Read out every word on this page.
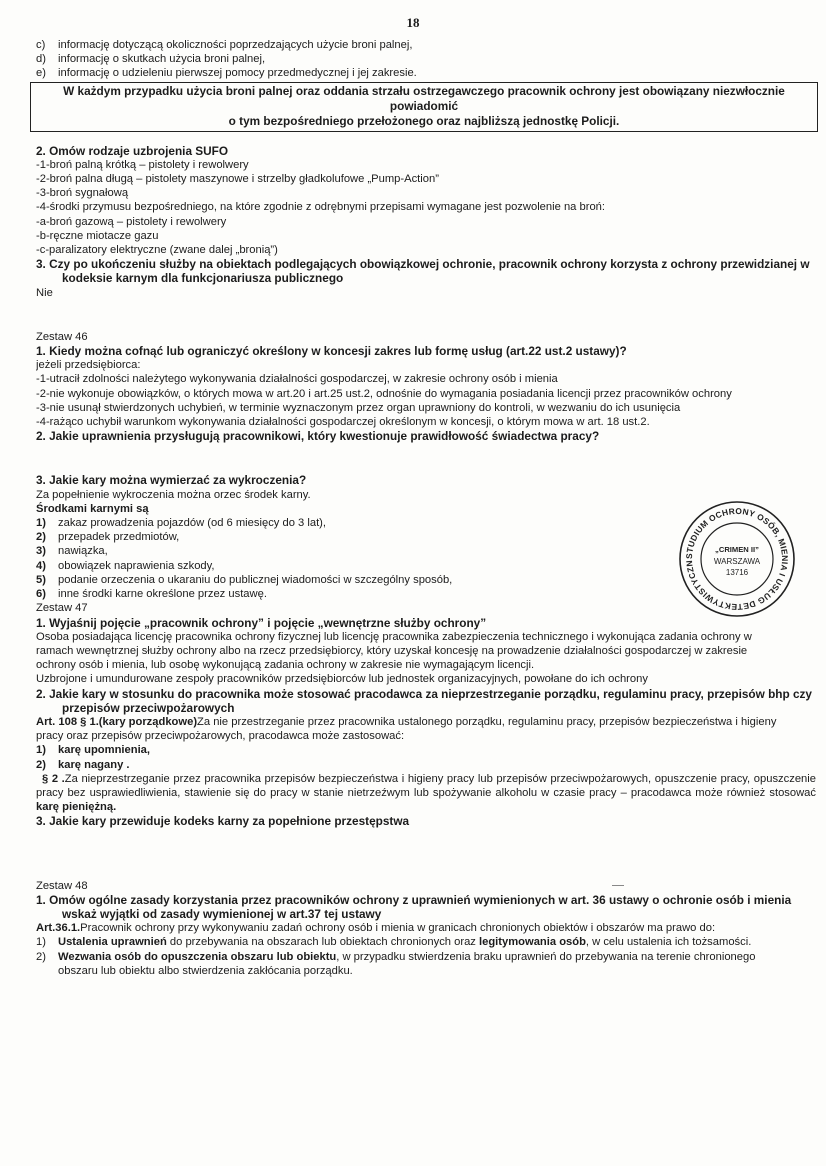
18
c) informację dotyczącą okoliczności poprzedzających użycie broni palnej,
d) informację o skutkach użycia broni palnej,
e) informację o udzieleniu pierwszej pomocy przedmedycznej i jej zakresie.
W każdym przypadku użycia broni palnej oraz oddania strzału ostrzegawczego pracownik ochrony jest obowiązany niezwłocznie powiadomić
o tym bezpośredniego przełożonego oraz najbliższą jednostkę Policji.
2. Omów rodzaje uzbrojenia SUFO
-1-broń palną krótką – pistolety i rewolwery
-2-broń palna długą – pistolety maszynowe i strzelby gładkolufowe „Pump-Action”
-3-broń sygnałową
-4-środki przymusu bezpośredniego, na które zgodnie z odrębnymi przepisami wymagane jest pozwolenie na broń:
-a-broń gazową – pistolety i rewolwery
-b-ręczne miotacze gazu
-c-paralizatory elektryczne (zwane dalej „bronią”)
3. Czy po ukończeniu służby na obiektach podlegających obowiązkowej ochronie, pracownik ochrony korzysta z ochrony przewidzianej w
kodeksie karnym dla funkcjonariusza publicznego
Nie
Zestaw 46
1. Kiedy można cofnąć lub ograniczyć określony w koncesji zakres lub formę usług (art.22 ust.2 ustawy)?
jeżeli przedsiębiorca:
-1-utracił zdolności należytego wykonywania działalności gospodarczej, w zakresie ochrony osób i mienia
-2-nie wykonuje obowiązków, o których mowa w art.20 i art.25 ust.2, odnośnie do wymagania posiadania licencji przez pracowników ochrony
-3-nie usunął stwierdzonych uchybień, w terminie wyznaczonym przez organ uprawniony do kontroli, w wezwaniu do ich usunięcia
-4-rażąco uchybił warunkom wykonywania działalności gospodarczej określonym w koncesji, o którym mowa w art. 18 ust.2.
2. Jakie uprawnienia przysługują pracownikowi, który kwestionuje prawidłowość świadectwa pracy?
3. Jakie kary można wymierzać za wykroczenia?
Za popełnienie wykroczenia można orzec środek karny.
Środkami karnymi są
1) zakaz prowadzenia pojazdów (od 6 miesięcy do 3 lat),
2) przepadek przedmiotów,
3) nawiązka,
4) obowiązek naprawienia szkody,
5) podanie orzeczenia o ukaraniu do publicznej wiadomości w szczególny sposób,
6) inne środki karne określone przez ustawę.
Zestaw 47
1. Wyjaśnij pojęcie „pracownik ochrony” i pojęcie „wewnętrzne służby ochrony”
Osoba posiadająca licencję pracownika ochrony fizycznej lub licencję pracownika zabezpieczenia technicznego i wykonująca zadania ochrony w
ramach wewnętrznej służby ochrony albo na rzecz przedsiębiorcy, który uzyskał koncesję na prowadzenie działalności gospodarczej w zakresie
ochrony osób i mienia, lub osobę wykonującą zadania ochrony w zakresie nie wymagającym licencji.
Uzbrojone i umundurowane zespoły pracowników przedsiębiorców lub jednostek organizacyjnych, powołane do ich ochrony
2. Jakie kary w stosunku do pracownika może stosować pracodawca za nieprzestrzeganie porządku, regulaminu pracy, przepisów bhp czy
przepisów przeciwpożarowych
Art. 108 § 1.(kary porządkowe)Za nie przestrzeganie przez pracownika ustalonego porządku, regulaminu pracy, przepisów bezpieczeństwa i higieny
pracy oraz przepisów przeciwpożarowych, pracodawca może zastosować:
1) karę upomnienia,
2) karę nagany .
§ 2 .Za nieprzestrzeganie przez pracownika przepisów bezpieczeństwa i higieny pracy lub przepisów przeciwpożarowych, opuszczenie pracy, opuszczenie pracy bez usprawiedliwienia, stawienie się do pracy w stanie nietrzeźwym lub spożywanie alkoholu w czasie pracy – pracodawca może również stosować karę pieniężną.
3. Jakie kary przewiduje kodeks karny za popełnione przestępstwa
Zestaw 48
1. Omów ogólne zasady korzystania przez pracowników ochrony z uprawnień wymienionych w art. 36 ustawy o ochronie osób i mienia
wskaż wyjątki od zasady wymienionej w art.37 tej ustawy
Art.36.1.Pracownik ochrony przy wykonywaniu zadań ochrony osób i mienia w granicach chronionych obiektów i obszarów ma prawo do:
1) Ustalenia uprawnień do przebywania na obszarach lub obiektach chronionych oraz legitymowania osób, w celu ustalenia ich tożsamości.
2) Wezwania osób do opuszczenia obszaru lub obiektu, w przypadku stwierdzenia braku uprawnień do przebywania na terenie chronionego
obszaru lub obiektu albo stwierdzenia zakłócania porządku.
STUDIUM OCHRONY OSÓB, MIENIA I USŁUG DETEKTYWISTYCZN
„CRIMEN II”
WARSZAWA
13716
